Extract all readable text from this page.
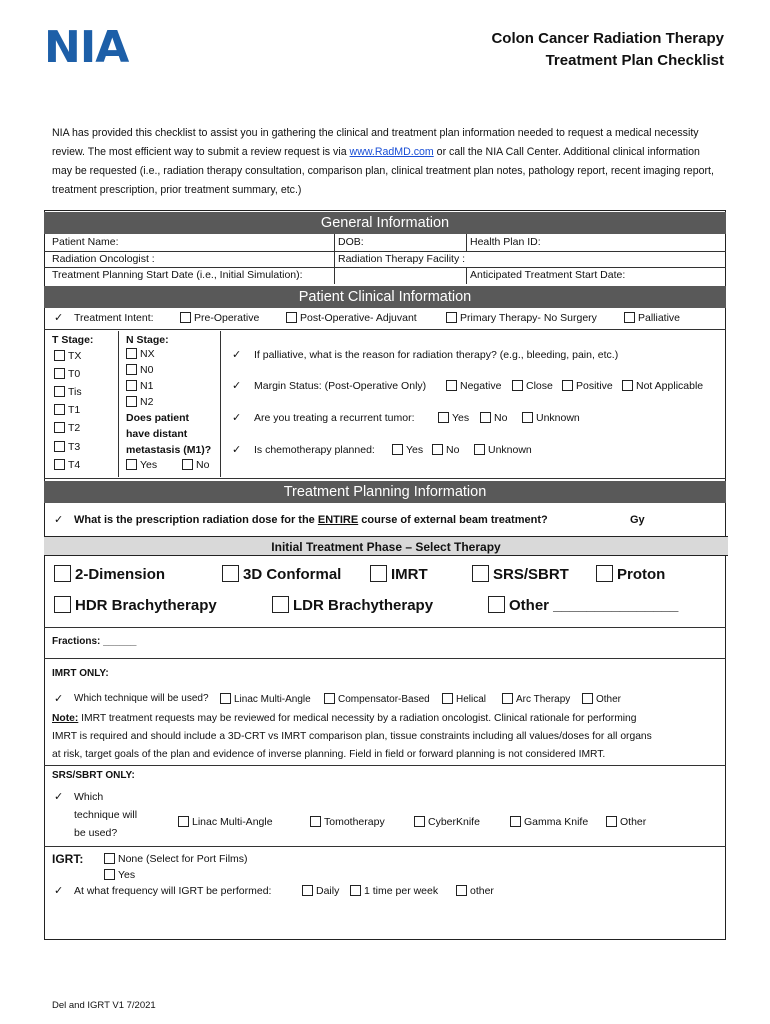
NIA	Colon Cancer Radiation Therapy
Treatment Plan Checklist
NIA has provided this checklist to assist you in gathering the clinical and treatment plan information needed to request a medical necessity review. The most efficient way to submit a review request is via www.RadMD.com or call the NIA Call Center. Additional clinical information may be requested (i.e., radiation therapy consultation, comparison plan, clinical treatment plan notes, pathology report, recent imaging report, treatment prescription, prior treatment summary, etc.)
General Information
Patient Name:	DOB:	Health Plan ID:
Radiation Oncologist :	Radiation Therapy Facility :
Treatment Planning Start Date (i.e., Initial Simulation):	Anticipated Treatment Start Date:
Patient Clinical Information
✓ Treatment Intent:	Pre-Operative	Post-Operative- Adjuvant	Primary Therapy- No Surgery	Palliative
T Stage:
TX
T0
Tis
T1
T2
T3
T4
N Stage:
NX
N0
N1
N2
Does patient
have distant
metastasis (M1)?
Yes	No
✓ If palliative, what is the reason for radiation therapy? (e.g., bleeding, pain, etc.)
✓ Margin Status: (Post-Operative Only)	Negative	Close	Positive	Not Applicable
✓ Are you treating a recurrent tumor:	Yes	No	Unknown
✓ Is chemotherapy planned:	Yes	No	Unknown
Treatment Planning Information
✓ What is the prescription radiation dose for the ENTIRE course of external beam treatment?	Gy
Initial Treatment Phase – Select Therapy
2-Dimension	3D Conformal	IMRT	SRS/SBRT	Proton
HDR Brachytherapy	LDR Brachytherapy	Other _______________
Fractions: ______
IMRT ONLY:
✓ Which technique will be used?	Linac Multi-Angle	Compensator-Based	Helical	Arc Therapy	Other
Note: IMRT treatment requests may be reviewed for medical necessity by a radiation oncologist. Clinical rationale for performing
IMRT is required and should include a 3D-CRT vs IMRT comparison plan, tissue constraints including all values/doses for all organs
at risk, target goals of the plan and evidence of inverse planning. Field in field or forward planning is not considered IMRT.
SRS/SBRT ONLY:
✓ Which
technique will
be used?
Linac Multi-Angle	Tomotherapy	CyberKnife	Gamma Knife	Other
IGRT:	None (Select for Port Films)
Yes
✓ At what frequency will IGRT be performed:	Daily	1 time per week	other
Del and IGRT V1 7/2021
